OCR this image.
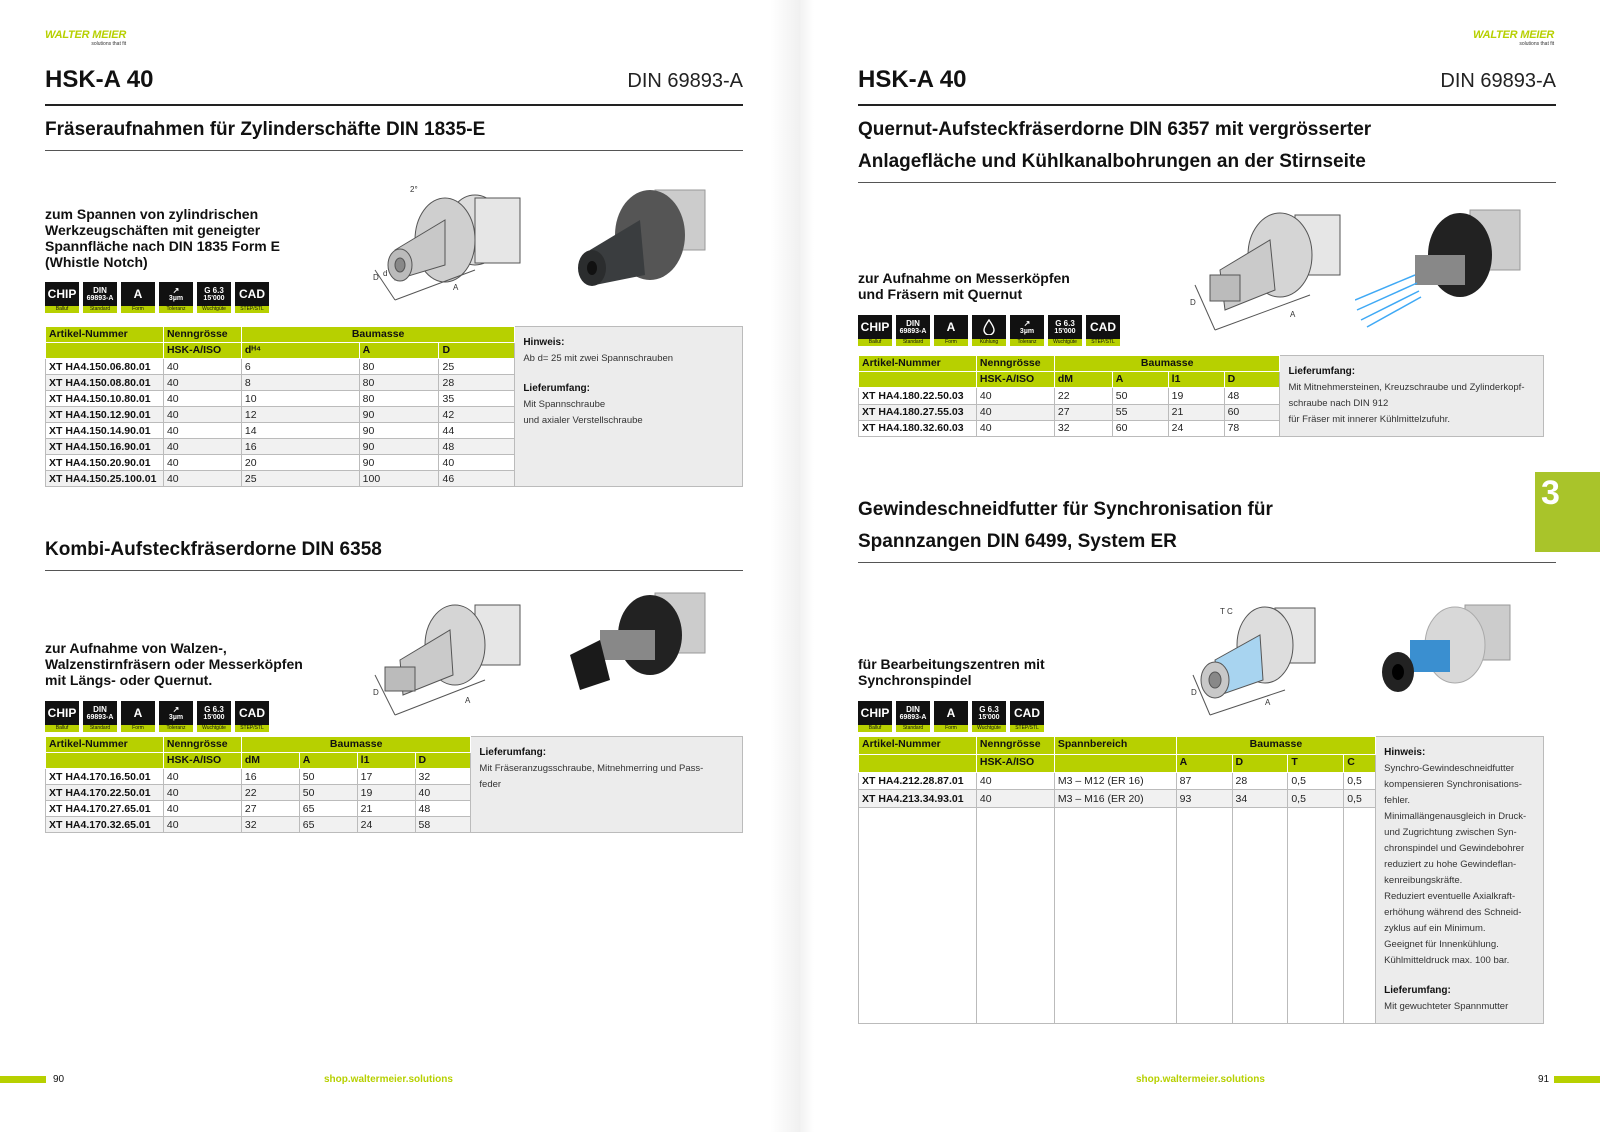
WALTER MEIER
solutions that fit
HSK-A 40	DIN 69893-A
Fräseraufnahmen für Zylinderschäfte DIN 1835-E
zum Spannen von zylindrischen
Werkzeugschäften mit geneigter
Spannfläche nach DIN 1835 Form E
(Whistle Notch)
CHIP
Balluf
DIN
69893-A
Standard
A
Form
↗
3µm
Toleranz
G 6.3
15'000
Wuchtgüte
CAD
STEP/STL
D d
A
2°
Artikel-Nummer	Nenngrösse	Baumasse			Hinweis:
Ab d= 25 mit zwei Spannschrauben
Lieferumfang:
Mit Spannschraube
und axialer Verstellschraube

	HSK-A/ISO	dᴴ⁴	A	D	
XT HA4.150.06.80.01	40	6	80	25	
XT HA4.150.08.80.01	40	8	80	28	
XT HA4.150.10.80.01	40	10	80	35	
XT HA4.150.12.90.01	40	12	90	42	
XT HA4.150.14.90.01	40	14	90	44	
XT HA4.150.16.90.01	40	16	90	48	
XT HA4.150.20.90.01	40	20	90	40	
XT HA4.150.25.100.01	40	25	100	46	
Kombi-Aufsteckfräserdorne DIN 6358
zur Aufnahme von Walzen-,
Walzenstirnfräsern oder Messerköpfen
mit Längs- oder Quernut.
CHIP
Balluf
DIN
69893-A
Standard
A
Form
↗
3µm
Toleranz
G 6.3
15'000
Wuchtgüte
CAD
STEP/STL
D
A
Artikel-Nummer	Nenngrösse	Baumasse				Lieferumfang:
Mit Fräseranzugsschraube, Mitnehmerring und Pass-
feder

	HSK-A/ISO	dM	A	l1	D	
XT HA4.170.16.50.01	40	16	50	17	32	
XT HA4.170.22.50.01	40	22	50	19	40	
XT HA4.170.27.65.01	40	27	65	21	48	
XT HA4.170.32.65.01	40	32	65	24	58	
90	shop.waltermeier.solutions
WALTER MEIER
solutions that fit
HSK-A 40	DIN 69893-A
Quernut-Aufsteckfräserdorne DIN 6357 mit vergrösserter
Anlagefläche und Kühlkanalbohrungen an der Stirnseite
zur Aufnahme on Messerköpfen
und Fräsern mit Quernut
CHIP
Balluf
DIN
69893-A
Standard
A
Form	Kühlung
↗
3µm
Toleranz
G 6.3
15'000
Wuchtgüte
CAD
STEP/STL
D
A
Artikel-Nummer	Nenngrösse	Baumasse				Lieferumfang:
Mit Mitnehmersteinen, Kreuzschraube und Zylinderkopf-
schraube nach DIN 912
für Fräser mit innerer Kühlmittelzufuhr.

	HSK-A/ISO	dM	A	l1	D	
XT HA4.180.22.50.03	40	22	50	19	48	
XT HA4.180.27.55.03	40	27	55	21	60	
XT HA4.180.32.60.03	40	32	60	24	78	
Gewindeschneidfutter für Synchronisation für
Spannzangen DIN 6499, System ER
für Bearbeitungszentren mit
Synchronspindel
CHIP
Balluf
DIN
69893-A
Standard
A
Form
G 6.3
15'000
Wuchtgüte
CAD
STEP/STL
D
A
T C
Artikel-Nummer	Nenngrösse	Spannbereich	Baumasse	
Hinweis:
Synchro-Gewindeschneidfutter
kompensieren Synchronisations-
fehler.
Minimallängenausgleich in Druck-
und Zugrichtung zwischen Syn-
chronspindel und Gewindebohrer
reduziert zu hohe Gewindeflan-
kenreibungskräfte.
Reduziert eventuelle Axialkraft-
erhöhung während des Schneid-
zyklus auf ein Minimum.
Geeignet für Innenkühlung.
Kühlmitteldruck max. 100 bar.
Lieferumfang:
Mit gewuchteter Spannmutter

	HSK-A/ISO		A	D	T	C	
XT HA4.212.28.87.01	40	M3 – M12 (ER 16)	87	28	0,5	0,5	
XT HA4.213.34.93.01	40	M3 – M16 (ER 20)	93	34	0,5	0,5	

91
shop.waltermeier.solutions
3
